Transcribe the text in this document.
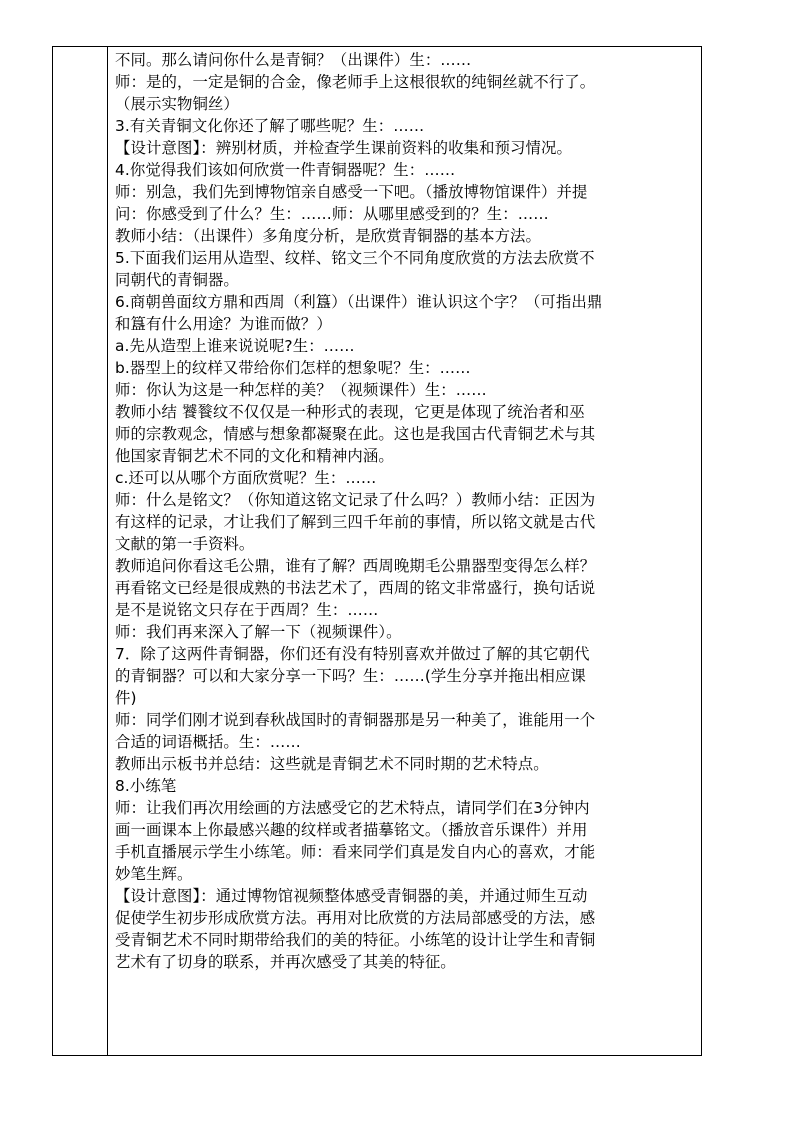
不同。那么请问你什么是青铜？（出课件）生：……
师：是的，一定是铜的合金，像老师手上这根很软的纯铜丝就不行了。
（展示实物铜丝）
3.有关青铜文化你还了解了哪些呢？生：……
【设计意图】：辨别材质，并检查学生课前资料的收集和预习情况。
4.你觉得我们该如何欣赏一件青铜器呢？生：……
师：别急，我们先到博物馆亲自感受一下吧。（播放博物馆课件）并提
问：你感受到了什么？生：……师：从哪里感受到的？生：……
教师小结：（出课件）多角度分析，是欣赏青铜器的基本方法。
5.下面我们运用从造型、纹样、铭文三个不同角度欣赏的方法去欣赏不
同朝代的青铜器。
6.商朝兽面纹方鼎和西周（利簋）（出课件）谁认识这个字？（可指出鼎
和簋有什么用途？为谁而做？）
a.先从造型上谁来说说呢?生：……
b.器型上的纹样又带给你们怎样的想象呢？生：……
师：你认为这是一种怎样的美？（视频课件）生：……
教师小结 饕餮纹不仅仅是一种形式的表现，它更是体现了统治者和巫
师的宗教观念，情感与想象都凝聚在此。这也是我国古代青铜艺术与其
他国家青铜艺术不同的文化和精神内涵。
c.还可以从哪个方面欣赏呢？生：……
师：什么是铭文？（你知道这铭文记录了什么吗？）教师小结：正因为
有这样的记录，才让我们了解到三四千年前的事情，所以铭文就是古代
文献的第一手资料。
教师追问你看这毛公鼎，谁有了解？西周晚期毛公鼎器型变得怎么样？
再看铭文已经是很成熟的书法艺术了，西周的铭文非常盛行，换句话说
是不是说铭文只存在于西周？生：……
师：我们再来深入了解一下（视频课件）。
7．除了这两件青铜器，你们还有没有特别喜欢并做过了解的其它朝代
的青铜器？可以和大家分享一下吗？生：……(学生分享并拖出相应课
件)
师：同学们刚才说到春秋战国时的青铜器那是另一种美了，谁能用一个
合适的词语概括。生：……
教师出示板书并总结：这些就是青铜艺术不同时期的艺术特点。
8.小练笔
师：让我们再次用绘画的方法感受它的艺术特点，请同学们在3分钟内
画一画课本上你最感兴趣的纹样或者描摹铭文。（播放音乐课件）并用
手机直播展示学生小练笔。师：看来同学们真是发自内心的喜欢，才能
妙笔生辉。
【设计意图】：通过博物馆视频整体感受青铜器的美，并通过师生互动
促使学生初步形成欣赏方法。再用对比欣赏的方法局部感受的方法，感
受青铜艺术不同时期带给我们的美的特征。小练笔的设计让学生和青铜
艺术有了切身的联系，并再次感受了其美的特征。
